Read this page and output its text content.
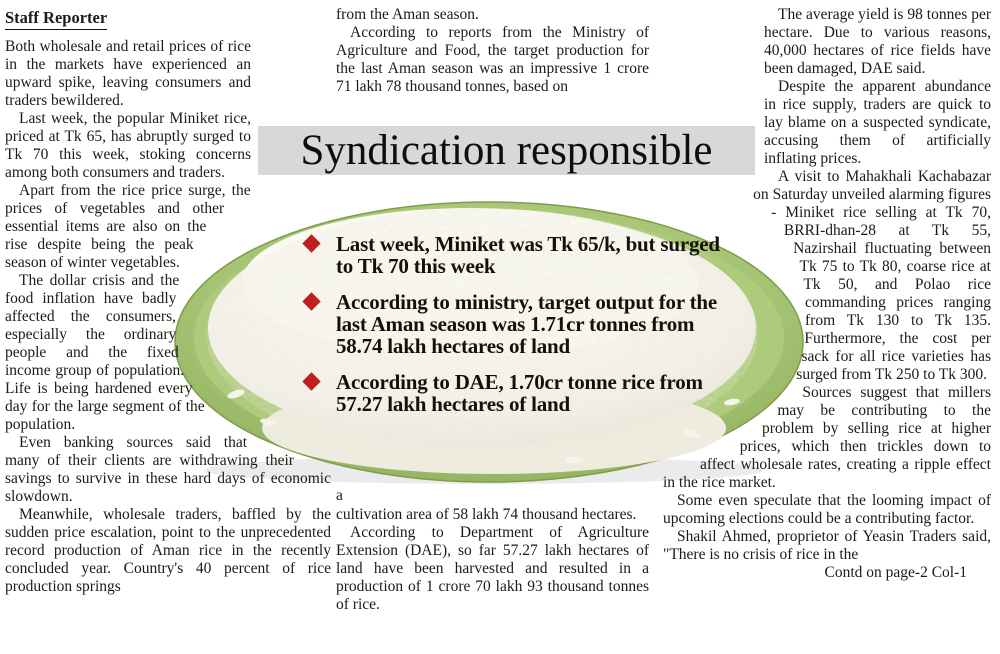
Syndication responsible
Last week, Miniket was Tk 65/k, but surged to Tk 70 this week
According to ministry, target output for the last Aman season was 1.71cr tonnes from 58.74 lakh hectares of land
According to DAE, 1.70cr tonne rice from 57.27 lakh hectares of land
Staff Reporter

Both wholesale and retail prices of rice in the markets have experienced an upward spike, leaving consumers and traders bewildered.

Last week, the popular Miniket rice, priced at Tk 65, has abruptly surged to Tk 70 this week, stoking concerns among both consumers and traders.

Apart from the rice price surge, the prices of vegetables and other essential items are also on the rise despite being the peak season of winter vegetables.

The dollar crisis and the food inflation have badly affected the consumers, especially the ordinary people and the fixed income group of population. Life is being hardened every day for the large segment of the population.

Even banking sources said that many of their clients are withdrawing their savings to survive in these hard days of economic slowdown.

Meanwhile, wholesale traders, baffled by the sudden price escalation, point to the unprecedented record production of Aman rice in the recently concluded year. Country's 40 percent of rice production springs

from the Aman season.

According to reports from the Ministry of Agriculture and Food, the target production for the last Aman season was an impressive 1 crore 71 lakh 78 thousand tonnes, based on

a cultivation area of 58 lakh 74 thousand hectares.

According to Department of Agriculture Extension (DAE), so far 57.27 lakh hectares of land have been harvested and resulted in a production of 1 crore 70 lakh 93 thousand tonnes of rice.

The average yield is 98 tonnes per hectare. Due to various reasons, 40,000 hectares of rice fields have been damaged, DAE said.

Despite the apparent abundance in rice supply, traders are quick to lay blame on a suspected syndicate, accusing them of artificially inflating prices.

A visit to Mahakhali Kachabazar on Saturday unveiled alarming figures - Miniket rice selling at Tk 70, BRRI-dhan-28 at Tk 55, Nazirshail fluctuating between Tk 75 to Tk 80, coarse rice at Tk 50, and Polao rice commanding prices ranging from Tk 130 to Tk 135. Furthermore, the cost per sack for all rice varieties has surged from Tk 250 to Tk 300.

Sources suggest that millers may be contributing to the problem by selling rice at higher prices, which then trickles down to affect wholesale rates, creating a ripple effect in the rice market.

Some even speculate that the looming impact of upcoming elections could be a contributing factor.

Shakil Ahmed, proprietor of Yeasin Traders said, "There is no crisis of rice in the

Contd on page-2 Col-1
